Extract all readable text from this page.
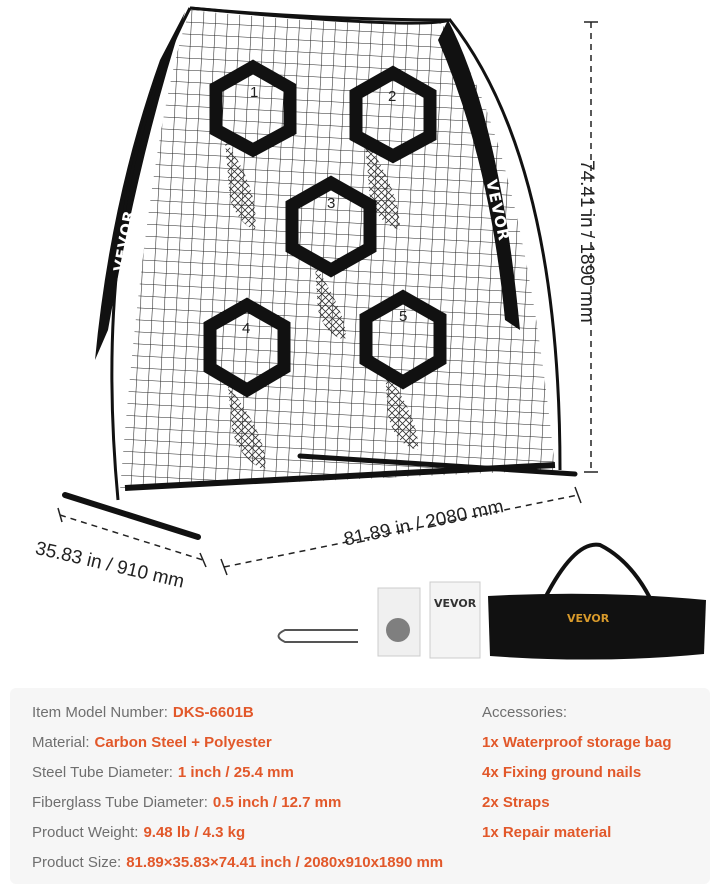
VEVOR	VEVOR
1	2
3
4
5
VEVOR
VEVOR
74.41 in / 1890 mm
81.89 in / 2080 mm
35.83 in / 910 mm
Item Model Number: DKS-6601B
Material: Carbon Steel + Polyester
Steel Tube Diameter: 1 inch / 25.4 mm
Fiberglass Tube Diameter: 0.5 inch / 12.7 mm
Product Weight: 9.48 lb / 4.3 kg
Product Size: 81.89×35.83×74.41 inch / 2080x910x1890 mm
Accessories:
1x Waterproof storage bag
4x Fixing ground nails
2x Straps
1x Repair material
